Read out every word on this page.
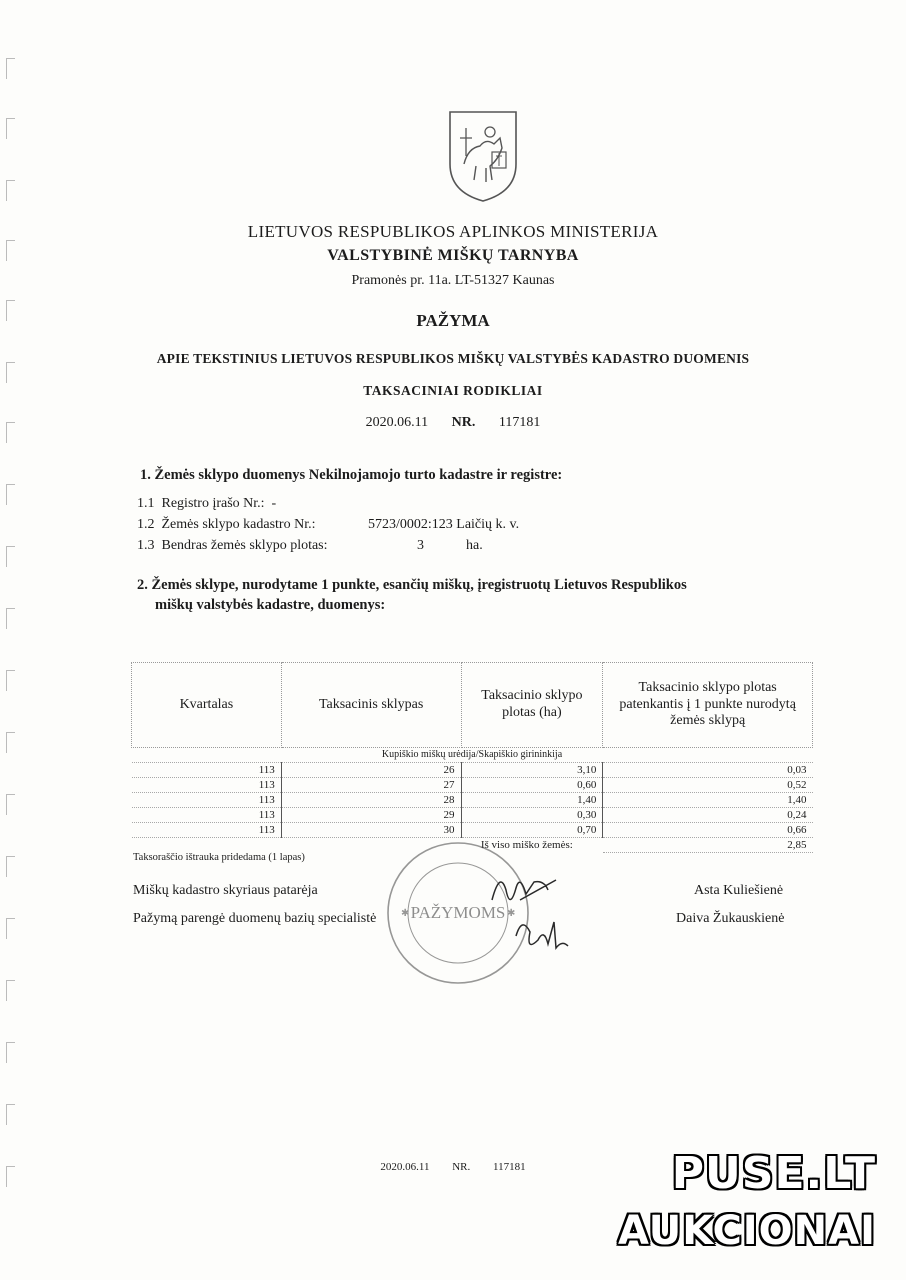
LIETUVOS RESPUBLIKOS APLINKOS MINISTERIJA
VALSTYBINĖ MIŠKŲ TARNYBA
Pramonės pr. 11a. LT-51327 Kaunas
PAŽYMA
APIE TEKSTINIUS LIETUVOS RESPUBLIKOS MIŠKŲ VALSTYBĖS KADASTRO DUOMENIS
TAKSACINIAI RODIKLIAI
2020.06.11 NR. 117181
1. Žemės sklypo duomenys Nekilnojamojo turto kadastre ir registre:
1.1 Registro įrašo Nr.: -
1.2 Žemės sklypo kadastro Nr.:	5723/0002:123 Laičių k. v.
1.3 Bendras žemės sklypo plotas:	3	ha.
2. Žemės sklype, nurodytame 1 punkte, esančių miškų, įregistruotų Lietuvos Respublikos
miškų valstybės kadastre, duomenys:
Kvartalas	Taksacinis sklypas	Taksacinio sklypo plotas (ha)	Taksacinio sklypo plotas patenkantis į 1 punkte nurodytą žemės sklypą
Kupiškio miškų urėdija/Skapiškio girininkija			
113	26	3,10	0,03
113	27	0,60	0,52
113	28	1,40	1,40
113	29	0,30	0,24
113	30	0,70	0,66
Iš viso miško žemės:			2,85
Taksoraščio ištrauka pridedama (1 lapas)
Miškų kadastro skyriaus patarėja	Asta Kuliešienė
Pažymą parengė duomenų bazių specialistė	Daiva Žukauskienė
PAŽYMOMS
✱	✱
2020.06.11 NR. 117181	PUSE.LT
AUKCIONAI
